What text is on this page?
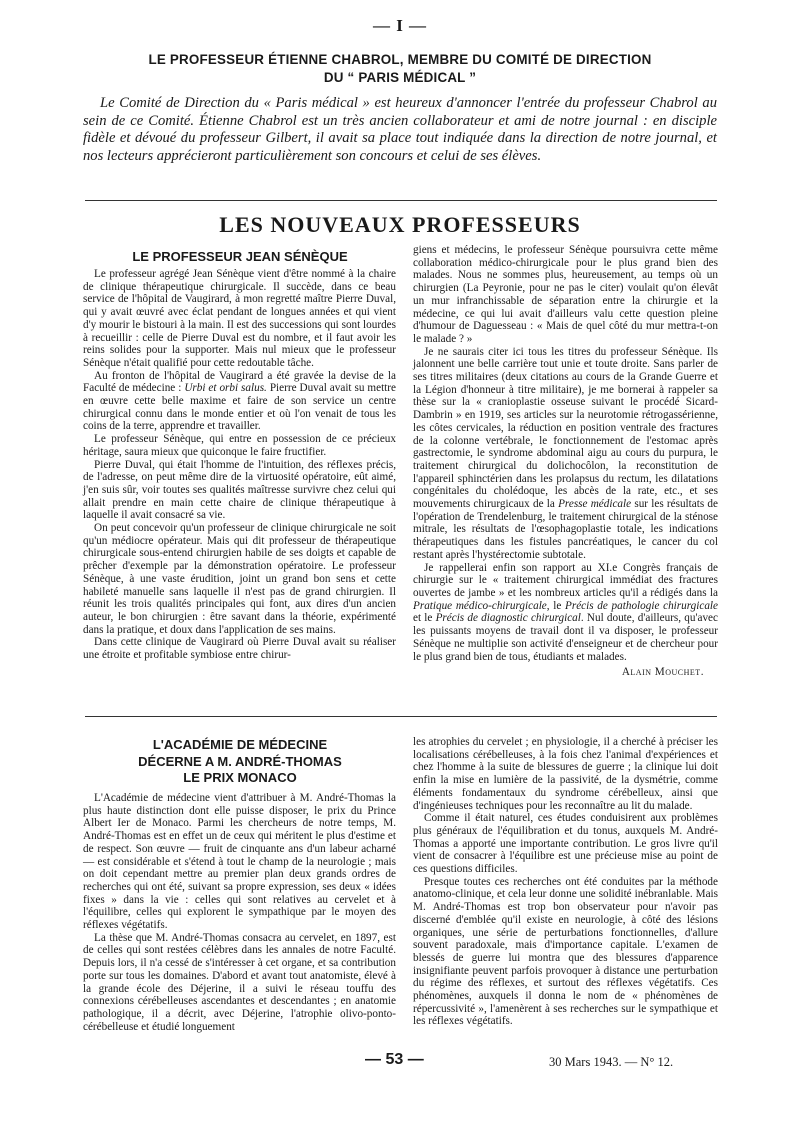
— I —
LE PROFESSEUR ÉTIENNE CHABROL, MEMBRE DU COMITÉ DE DIRECTION
DU “ PARIS MÉDICAL ”

Le Comité de Direction du « Paris médical » est heureux d'annoncer l'entrée du professeur Chabrol au sein de ce Comité. Étienne Chabrol est un très ancien collaborateur et ami de notre journal : en disciple fidèle et dévoué du professeur Gilbert, il avait sa place tout indiquée dans la direction de notre journal, et nos lecteurs apprécieront particulièrement son concours et celui de ses élèves.

LES NOUVEAUX PROFESSEURS
LE PROFESSEUR JEAN SÉNÈQUE

Le professeur agrégé Jean Sénèque vient d'être nommé à la chaire de clinique thérapeutique chirurgicale. Il succède, dans ce beau service de l'hôpital de Vaugirard, à mon regretté maître Pierre Duval, qui y avait œuvré avec éclat pendant de longues années et qui vient d'y mourir le bistouri à la main. Il est des successions qui sont lourdes à recueillir : celle de Pierre Duval est du nombre, et il faut avoir les reins solides pour la supporter. Mais nul mieux que le professeur Sénèque n'était qualifié pour cette redoutable tâche.

Au fronton de l'hôpital de Vaugirard a été gravée la devise de la Faculté de médecine : Urbi et orbi salus. Pierre Duval avait su mettre en œuvre cette belle maxime et faire de son service un centre chirurgical connu dans le monde entier et où l'on venait de tous les coins de la terre, apprendre et travailler.

Le professeur Sénèque, qui entre en possession de ce précieux héritage, saura mieux que quiconque le faire fructifier.

Pierre Duval, qui était l'homme de l'intuition, des réflexes précis, de l'adresse, on peut même dire de la virtuosité opératoire, eût aimé, j'en suis sûr, voir toutes ses qualités maîtresse survivre chez celui qui allait prendre en main cette chaire de clinique thérapeutique à laquelle il avait consacré sa vie.

On peut concevoir qu'un professeur de clinique chirurgicale ne soit qu'un médiocre opérateur. Mais qui dit professeur de thérapeutique chirurgicale sous-entend chirurgien habile de ses doigts et capable de prêcher d'exemple par la démonstration opératoire. Le professeur Sénèque, à une vaste érudition, joint un grand bon sens et cette habileté manuelle sans laquelle il n'est pas de grand chirurgien. Il réunit les trois qualités principales qui font, aux dires d'un ancien auteur, le bon chirurgien : être savant dans la théorie, expérimenté dans la pratique, et doux dans l'application de ses mains.

Dans cette clinique de Vaugirard où Pierre Duval avait su réaliser une étroite et profitable symbiose entre chirur-

giens et médecins, le professeur Sénèque poursuivra cette même collaboration médico-chirurgicale pour le plus grand bien des malades. Nous ne sommes plus, heureusement, au temps où un chirurgien (La Peyronie, pour ne pas le citer) voulait qu'on élevât un mur infranchissable de séparation entre la chirurgie et la médecine, ce qui lui avait d'ailleurs valu cette question pleine d'humour de Daguesseau : « Mais de quel côté du mur mettra-t-on le malade ? »

Je ne saurais citer ici tous les titres du professeur Sénèque. Ils jalonnent une belle carrière tout unie et toute droite. Sans parler de ses titres militaires (deux citations au cours de la Grande Guerre et la Légion d'honneur à titre militaire), je me bornerai à rappeler sa thèse sur la « cranioplastie osseuse suivant le procédé Sicard-Dambrin » en 1919, ses articles sur la neurotomie rétrogassérienne, les côtes cervicales, la réduction en position ventrale des fractures de la colonne vertébrale, le fonctionnement de l'estomac après gastrectomie, le syndrome abdominal aigu au cours du purpura, le traitement chirurgical du dolichocôlon, la reconstitution de l'appareil sphinctérien dans les prolapsus du rectum, les dilatations congénitales du cholédoque, les abcès de la rate, etc., et ses mouvements chirurgicaux de la Presse médicale sur les résultats de l'opération de Trendelenburg, le traitement chirurgical de la sténose mitrale, les résultats de l'œsophagoplastie totale, les indications thérapeutiques dans les fistules pancréatiques, le cancer du col restant après l'hystérectomie subtotale.

Je rappellerai enfin son rapport au XI.e Congrès français de chirurgie sur le « traitement chirurgical immédiat des fractures ouvertes de jambe » et les nombreux articles qu'il a rédigés dans la Pratique médico-chirurgicale, le Précis de pathologie chirurgicale et le Précis de diagnostic chirurgical. Nul doute, d'ailleurs, qu'avec les puissants moyens de travail dont il va disposer, le professeur Sénèque ne multiplie son activité d'enseigneur et de chercheur pour le plus grand bien de tous, étudiants et malades.

Alain Mouchet.

L'ACADÉMIE DE MÉDECINE
DÉCERNE A M. ANDRÉ-THOMAS
LE PRIX MONACO

L'Académie de médecine vient d'attribuer à M. André-Thomas la plus haute distinction dont elle puisse disposer, le prix du Prince Albert Ier de Monaco. Parmi les chercheurs de notre temps, M. André-Thomas est en effet un de ceux qui méritent le plus d'estime et de respect. Son œuvre — fruit de cinquante ans d'un labeur acharné — est considérable et s'étend à tout le champ de la neurologie ; mais on doit cependant mettre au premier plan deux grands ordres de recherches qui ont été, suivant sa propre expression, ses deux « idées fixes » dans la vie : celles qui sont relatives au cervelet et à l'équilibre, celles qui explorent le sympathique par le moyen des réflexes végétatifs.

La thèse que M. André-Thomas consacra au cervelet, en 1897, est de celles qui sont restées célèbres dans les annales de notre Faculté. Depuis lors, il n'a cessé de s'intéresser à cet organe, et sa contribution porte sur tous les domaines. D'abord et avant tout anatomiste, élevé à la grande école des Déjerine, il a suivi le réseau touffu des connexions cérébelleuses ascendantes et descendantes ; en anatomie pathologique, il a décrit, avec Déjerine, l'atrophie olivo-ponto-cérébelleuse et étudié longuement

les atrophies du cervelet ; en physiologie, il a cherché à préciser les localisations cérébelleuses, à la fois chez l'animal d'expériences et chez l'homme à la suite de blessures de guerre ; la clinique lui doit enfin la mise en lumière de la passivité, de la dysmétrie, comme éléments fondamentaux du syndrome cérébelleux, ainsi que d'ingénieuses techniques pour les reconnaître au lit du malade.

Comme il était naturel, ces études conduisirent aux problèmes plus généraux de l'équilibration et du tonus, auxquels M. André-Thomas a apporté une importante contribution. Le gros livre qu'il vient de consacrer à l'équilibre est une précieuse mise au point de ces questions difficiles.

Presque toutes ces recherches ont été conduites par la méthode anatomo-clinique, et cela leur donne une solidité inébranlable. Mais M. André-Thomas est trop bon observateur pour n'avoir pas discerné d'emblée qu'il existe en neurologie, à côté des lésions organiques, une série de perturbations fonctionnelles, d'allure souvent paradoxale, mais d'importance capitale. L'examen de blessés de guerre lui montra que des blessures d'apparence insignifiante peuvent parfois provoquer à distance une perturbation du régime des réflexes, et surtout des réflexes végétatifs. Ces phénomènes, auxquels il donna le nom de « phénomènes de répercussivité », l'amenèrent à ses recherches sur le sympathique et les réflexes végétatifs.

— 53 —	30 Mars 1943. — N° 12.
